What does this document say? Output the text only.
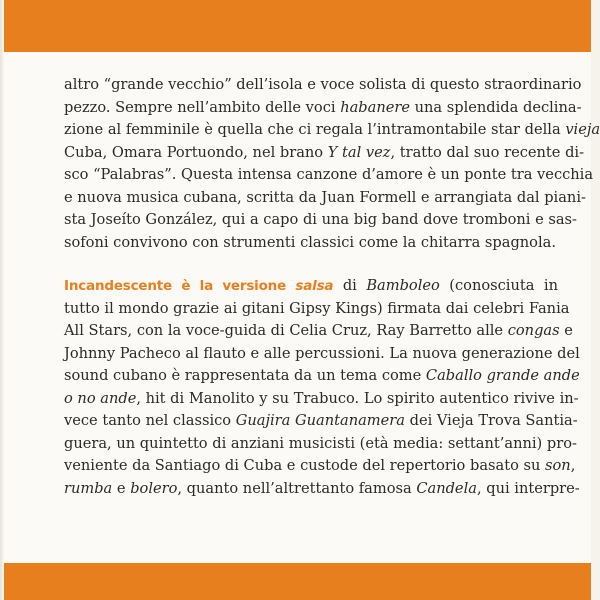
altro “grande vecchio” dell’isola e voce solista di questo straordinario
pezzo. Sempre nell’ambito delle voci habanere una splendida declina-
zione al femminile è quella che ci regala l’intramontabile star della vieja
Cuba, Omara Portuondo, nel brano Y tal vez, tratto dal suo recente di-
sco “Palabras”. Questa intensa canzone d’amore è un ponte tra vecchia
e nuova musica cubana, scritta da Juan Formell e arrangiata dal piani-
sta Joseíto González, qui a capo di una big band dove tromboni e sas-
sofoni convivono con strumenti classici come la chitarra spagnola.

Incandescente è la versione salsa di Bamboleo (conosciuta in
tutto il mondo grazie ai gitani Gipsy Kings) firmata dai celebri Fania
All Stars, con la voce-guida di Celia Cruz, Ray Barretto alle congas e
Johnny Pacheco al flauto e alle percussioni. La nuova generazione del
sound cubano è rappresentata da un tema come Caballo grande ande
o no ande, hit di Manolito y su Trabuco. Lo spirito autentico rivive in-
vece tanto nel classico Guajira Guantanamera dei Vieja Trova Santia-
guera, un quintetto di anziani musicisti (età media: settant’anni) pro-
veniente da Santiago di Cuba e custode del repertorio basato su son,
rumba e bolero, quanto nell’altrettanto famosa Candela, qui interpre-
